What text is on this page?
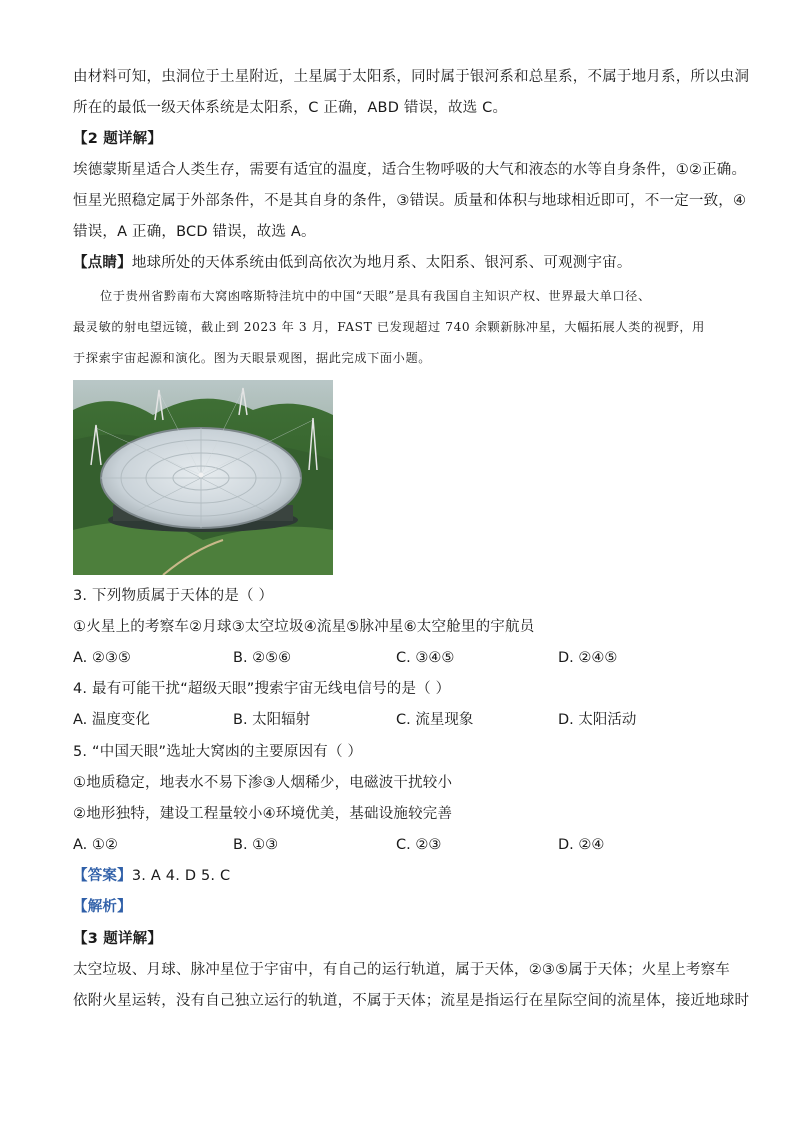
由材料可知，虫洞位于土星附近，土星属于太阳系，同时属于银河系和总星系，不属于地月系，所以虫洞
所在的最低一级天体系统是太阳系，C 正确，ABD 错误，故选 C。
【2 题详解】
埃德蒙斯星适合人类生存，需要有适宜的温度，适合生物呼吸的大气和液态的水等自身条件，①②正确。
恒星光照稳定属于外部条件，不是其自身的条件，③错误。质量和体积与地球相近即可，不一定一致，④
错误，A 正确，BCD 错误，故选 A。
【点睛】地球所处的天体系统由低到高依次为地月系、太阳系、银河系、可观测宇宙。
位于贵州省黔南布大窝凼喀斯特洼坑中的中国“天眼”是具有我国自主知识产权、世界最大单口径、
最灵敏的射电望远镜，截止到 2023 年 3 月，FAST 已发现超过 740 余颗新脉冲星，大幅拓展人类的视野，用
于探索宇宙起源和演化。图为天眼景观图，据此完成下面小题。
3. 下列物质属于天体的是（ ）
①火星上的考察车②月球③太空垃圾④流星⑤脉冲星⑥太空舱里的宇航员
A. ②③⑤	B. ②⑤⑥	C. ③④⑤	D. ②④⑤
4. 最有可能干扰“超级天眼”搜索宇宙无线电信号的是（ ）
A. 温度变化	B. 太阳辐射	C. 流星现象	D. 太阳活动
5. “中国天眼”选址大窝凼的主要原因有（ ）
①地质稳定，地表水不易下渗③人烟稀少，电磁波干扰较小
②地形独特，建设工程量较小④环境优美，基础设施较完善
A. ①②	B. ①③	C. ②③	D. ②④
【答案】3. A 4. D 5. C
【解析】
【3 题详解】
太空垃圾、月球、脉冲星位于宇宙中，有自己的运行轨道，属于天体，②③⑤属于天体；火星上考察车
依附火星运转，没有自己独立运行的轨道，不属于天体；流星是指运行在星际空间的流星体，接近地球时
